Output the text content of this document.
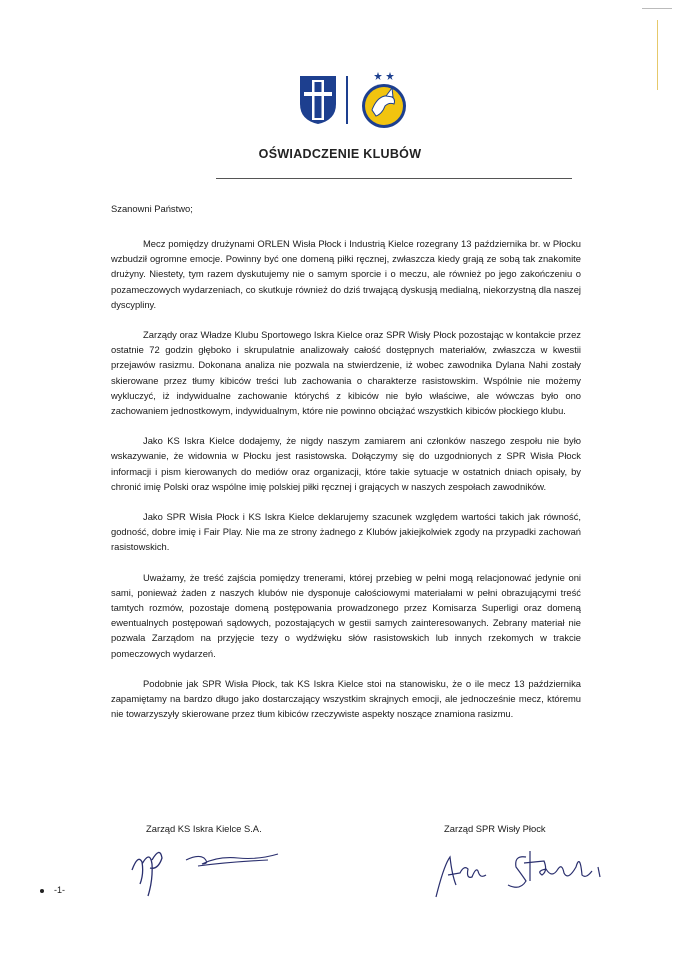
OŚWIADCZENIE KLUBÓW
Szanowni Państwo;

Mecz pomiędzy drużynami ORLEN Wisła Płock i Industrią Kielce rozegrany 13 października br. w Płocku wzbudził ogromne emocje. Powinny być one domeną piłki ręcznej, zwłaszcza kiedy grają ze sobą tak znakomite drużyny. Niestety, tym razem dyskutujemy nie o samym sporcie i o meczu, ale również po jego zakończeniu o pozameczowych wydarzeniach, co skutkuje również do dziś trwającą dyskusją medialną, niekorzystną dla naszej dyscypliny.

Zarządy oraz Władze Klubu Sportowego Iskra Kielce oraz SPR Wisły Płock pozostając w kontakcie przez ostatnie 72 godzin głęboko i skrupulatnie analizowały całość dostępnych materiałów, zwłaszcza w kwestii przejawów rasizmu. Dokonana analiza nie pozwala na stwierdzenie, iż wobec zawodnika Dylana Nahi zostały skierowane przez tłumy kibiców treści lub zachowania o charakterze rasistowskim. Wspólnie nie możemy wykluczyć, iż indywidualne zachowanie którychś z kibiców nie było właściwe, ale wówczas było ono zachowaniem jednostkowym, indywidualnym, które nie powinno obciążać wszystkich kibiców płockiego klubu.

Jako KS Iskra Kielce dodajemy, że nigdy naszym zamiarem ani członków naszego zespołu nie było wskazywanie, że widownia w Płocku jest rasistowska. Dołączymy się do uzgodnionych z SPR Wisła Płock informacji i pism kierowanych do mediów oraz organizacji, które takie sytuacje w ostatnich dniach opisały, by chronić imię Polski oraz wspólne imię polskiej piłki ręcznej i grających w naszych zespołach zawodników.

Jako SPR Wisła Płock i KS Iskra Kielce deklarujemy szacunek względem wartości takich jak równość, godność, dobre imię i Fair Play. Nie ma ze strony żadnego z Klubów jakiejkolwiek zgody na przypadki zachowań rasistowskich.

Uważamy, że treść zajścia pomiędzy trenerami, której przebieg w pełni mogą relacjonować jedynie oni sami, ponieważ żaden z naszych klubów nie dysponuje całościowymi materiałami w pełni obrazującymi treść tamtych rozmów, pozostaje domeną postępowania prowadzonego przez Komisarza Superligi oraz domeną ewentualnych postępowań sądowych, pozostających w gestii samych zainteresowanych. Zebrany materiał nie pozwala Zarządom na przyjęcie tezy o wydźwięku słów rasistowskich lub innych rzekomych w trakcie pomeczowych wydarzeń.

Podobnie jak SPR Wisła Płock, tak KS Iskra Kielce stoi na stanowisku, że o ile mecz 13 października zapamiętamy na bardzo długo jako dostarczający wszystkim skrajnych emocji, ale jednocześnie mecz, któremu nie towarzyszyły skierowane przez tłum kibiców rzeczywiste aspekty noszące znamiona rasizmu.

Zarząd KS Iskra Kielce S.A.	Zarząd SPR Wisły Płock
-1-
